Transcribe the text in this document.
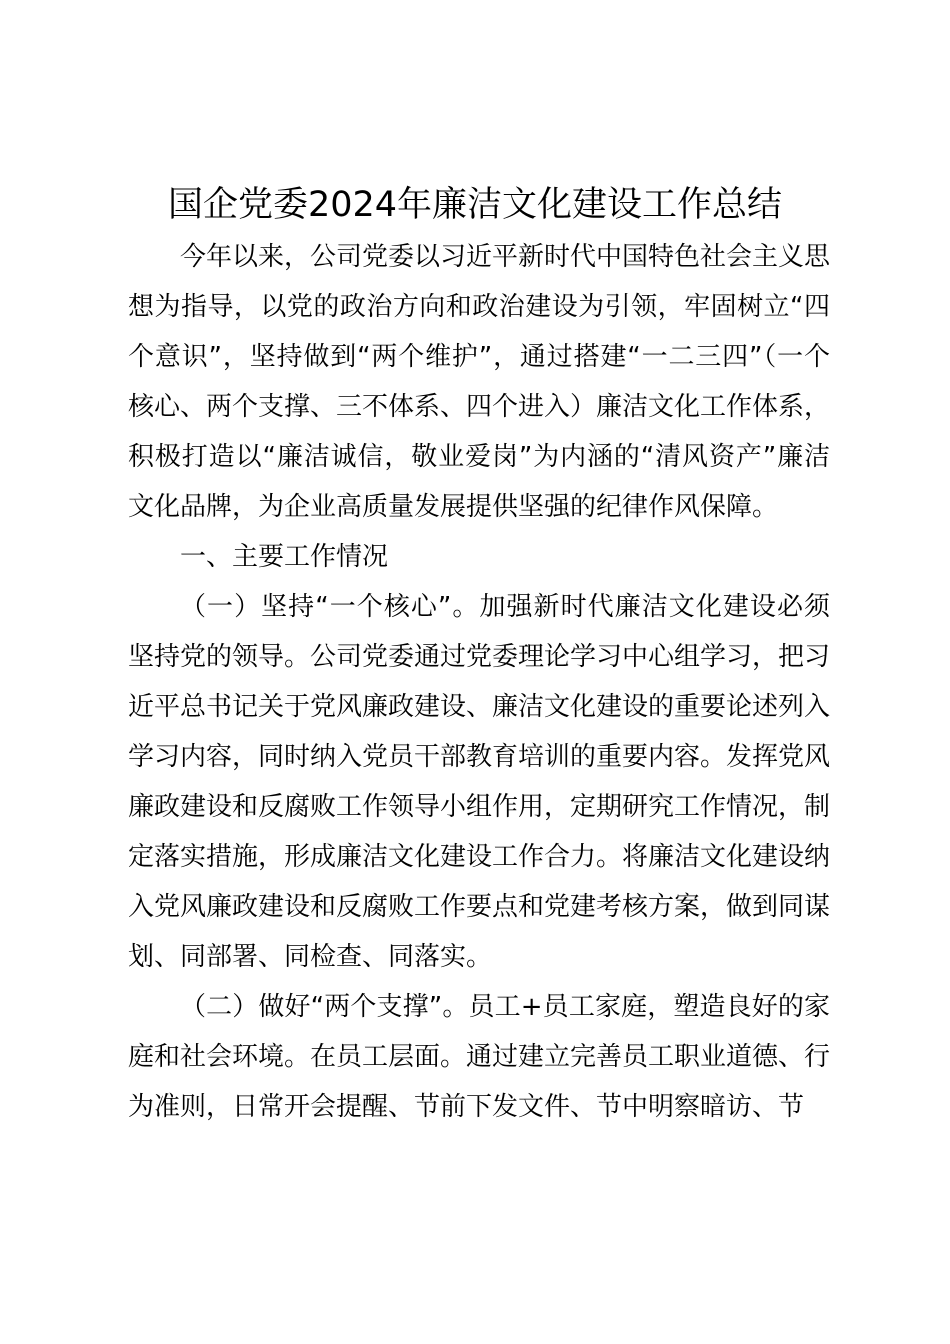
国企党委2024年廉洁文化建设工作总结

今年以来，公司党委以习近平新时代中国特色社会主义思想为指导，以党的政治方向和政治建设为引领，牢固树立“四个意识”，坚持做到“两个维护”，通过搭建“一二三四”（一个核心、两个支撑、三不体系、四个进入）廉洁文化工作体系，积极打造以“廉洁诚信，敬业爱岗”为内涵的“清风资产”廉洁文化品牌，为企业高质量发展提供坚强的纪律作风保障。

一、主要工作情况

（一）坚持“一个核心”。加强新时代廉洁文化建设必须坚持党的领导。公司党委通过党委理论学习中心组学习，把习近平总书记关于党风廉政建设、廉洁文化建设的重要论述列入学习内容，同时纳入党员干部教育培训的重要内容。发挥党风廉政建设和反腐败工作领导小组作用，定期研究工作情况，制定落实措施，形成廉洁文化建设工作合力。将廉洁文化建设纳入党风廉政建设和反腐败工作要点和党建考核方案，做到同谋划、同部署、同检查、同落实。

（二）做好“两个支撑”。员工+员工家庭，塑造良好的家庭和社会环境。在员工层面。通过建立完善员工职业道德、行为准则，日常开会提醒、节前下发文件、节中明察暗访、节
